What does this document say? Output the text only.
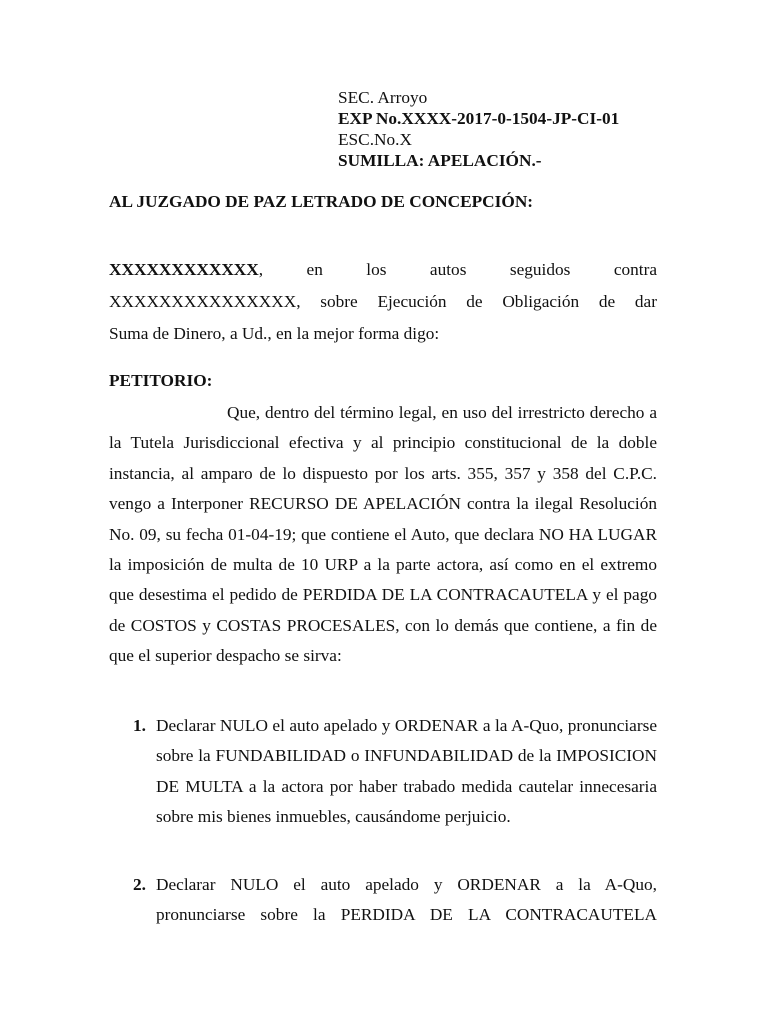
SEC. Arroyo
EXP No.XXXX-2017-0-1504-JP-CI-01
ESC.No.X
SUMILLA: APELACIÓN.-
AL JUZGADO DE PAZ LETRADO DE CONCEPCIÓN:
XXXXXXXXXXXX, en los autos seguidos contra
XXXXXXXXXXXXXXX, sobre Ejecución de Obligación de dar
Suma de Dinero, a Ud., en la mejor forma digo:
PETITORIO:
Que, dentro del término legal, en uso del irrestricto derecho a la Tutela Jurisdiccional efectiva y al principio constitucional de la doble instancia, al amparo de lo dispuesto por los arts. 355, 357 y 358 del C.P.C. vengo a Interponer RECURSO DE APELACIÓN contra la ilegal Resolución No. 09, su fecha 01-04-19; que contiene el Auto, que declara NO HA LUGAR la imposición de multa de 10 URP a la parte actora, así como en el extremo que desestima el pedido de PERDIDA DE LA CONTRACAUTELA y el pago de COSTOS y COSTAS PROCESALES, con lo demás que contiene, a fin de que el superior despacho se sirva:
1. Declarar NULO el auto apelado y ORDENAR a la A-Quo, pronunciarse sobre la FUNDABILIDAD o INFUNDABILIDAD de la IMPOSICION DE MULTA a la actora por haber trabado medida cautelar innecesaria sobre mis bienes inmuebles, causándome perjuicio.
2. Declarar NULO el auto apelado y ORDENAR a la A-Quo,
pronunciarse sobre la PERDIDA DE LA CONTRACAUTELA
